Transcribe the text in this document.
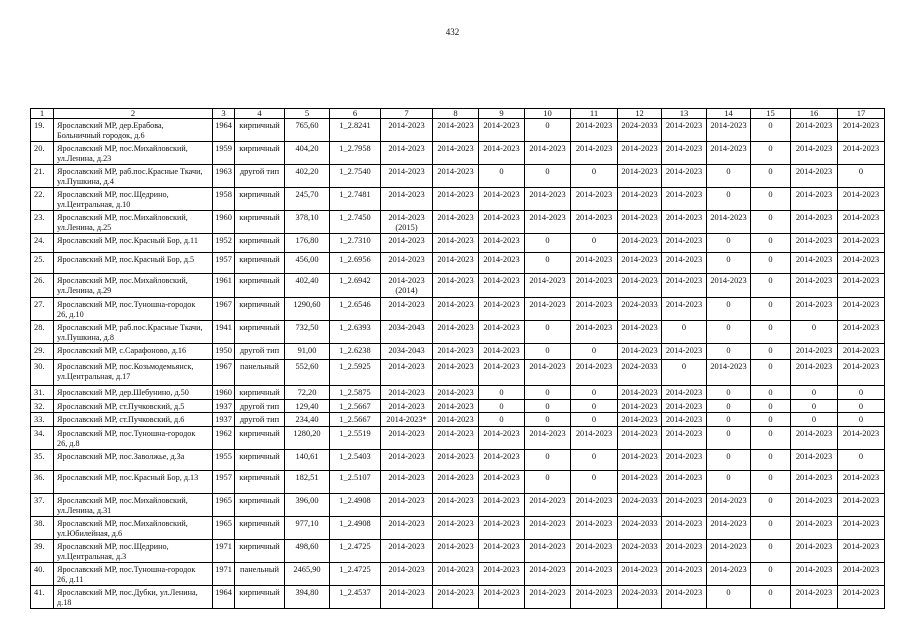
432
1	2	3	4	5	6	7	8	9	10	11	12	13	14	15	16	17
19.	Ярославский МР, дер.Ерабова,
Больничный городок, д.6	1964	кирпичный	765,60	1_2.8241	2014-2023	2014-2023	2014-2023	0	2014-2023	2024-2033	2014-2023	2014-2023	0	2014-2023	2014-2023
20.	Ярославский МР, пос.Михайловский,
ул.Ленина, д.23	1959	кирпичный	404,20	1_2.7958	2014-2023	2014-2023	2014-2023	2014-2023	2014-2023	2014-2023	2014-2023	2014-2023	0	2014-2023	2014-2023
21.	Ярославский МР, раб.пос.Красные Ткачи,
ул.Пушкина, д.4	1963	другой тип	402,20	1_2.7540	2014-2023	2014-2023	0	0	0	2014-2023	2014-2023	0	0	2014-2023	0
22.	Ярославский МР, пос.Щедрино,
ул.Центральная, д.10	1958	кирпичный	245,70	1_2.7481	2014-2023	2014-2023	2014-2023	2014-2023	2014-2023	2014-2023	2014-2023	0	0	2014-2023	2014-2023
23.	Ярославский МР, пос.Михайловский,
ул.Ленина, д.25	1960	кирпичный	378,10	1_2.7450	2014-2023
(2015)	2014-2023	2014-2023	2014-2023	2014-2023	2014-2023	2014-2023	2014-2023	0	2014-2023	2014-2023
24.	Ярославский МР, пос.Красный Бор, д.11	1952	кирпичный	176,80	1_2.7310	2014-2023	2014-2023	2014-2023	0	0	2014-2023	2014-2023	0	0	2014-2023	2014-2023
25.	Ярославский МР, пос.Красный Бор, д.5	1957	кирпичный	456,00	1_2.6956	2014-2023	2014-2023	2014-2023	0	2014-2023	2014-2023	2014-2023	0	0	2014-2023	2014-2023
26.	Ярославский МР, пос.Михайловский,
ул.Ленина, д.29	1961	кирпичный	402,40	1_2.6942	2014-2023
(2014)	2014-2023	2014-2023	2014-2023	2014-2023	2014-2023	2014-2023	2014-2023	0	2014-2023	2014-2023
27.	Ярославский МР, пос.Туношна-городок
26, д.10	1967	кирпичный	1290,60	1_2.6546	2014-2023	2014-2023	2014-2023	2014-2023	2014-2023	2024-2033	2014-2023	0	0	2014-2023	2014-2023
28.	Ярославский МР, раб.пос.Красные Ткачи,
ул.Пушкина, д.8	1941	кирпичный	732,50	1_2.6393	2034-2043	2014-2023	2014-2023	0	2014-2023	2014-2023	0	0	0	0	2014-2023
29.	Ярославский МР, с.Сарафоново, д.16	1950	другой тип	91,00	1_2.6238	2034-2043	2014-2023	2014-2023	0	0	2014-2023	2014-2023	0	0	2014-2023	2014-2023
30.	Ярославский МР, пос.Козьмодемьянск,
ул.Центральная, д.17	1967	панельный	552,60	1_2.5925	2014-2023	2014-2023	2014-2023	2014-2023	2014-2023	2024-2033	0	2014-2023	0	2014-2023	2014-2023
31.	Ярославский МР, дер.Шебунино, д.50	1960	кирпичный	72,20	1_2.5875	2014-2023	2014-2023	0	0	0	2014-2023	2014-2023	0	0	0	0
32.	Ярославский МР, ст.Пучковский, д.5	1937	другой тип	129,40	1_2.5667	2014-2023	2014-2023	0	0	0	2014-2023	2014-2023	0	0	0	0
33.	Ярославский МР, ст.Пучковский, д.6	1937	другой тип	234,40	1_2.5667	2014-2023*	2014-2023	0	0	0	2014-2023	2014-2023	0	0	0	0
34.	Ярославский МР, пос.Туношна-городок
26, д.8	1962	кирпичный	1280,20	1_2.5519	2014-2023	2014-2023	2014-2023	2014-2023	2014-2023	2014-2023	2014-2023	0	0	2014-2023	2014-2023
35.	Ярославский МР, пос.Заволжье, д.3а	1955	кирпичный	140,61	1_2.5403	2014-2023	2014-2023	2014-2023	0	0	2014-2023	2014-2023	0	0	2014-2023	0
36.	Ярославский МР, пос.Красный Бор, д.13	1957	кирпичный	182,51	1_2.5107	2014-2023	2014-2023	2014-2023	0	0	2014-2023	2014-2023	0	0	2014-2023	2014-2023
37.	Ярославский МР, пос.Михайловский,
ул.Ленина, д.31	1965	кирпичный	396,00	1_2.4908	2014-2023	2014-2023	2014-2023	2014-2023	2014-2023	2024-2033	2014-2023	2014-2023	0	2014-2023	2014-2023
38.	Ярославский МР, пос.Михайловский,
ул.Юбилейная, д.6	1965	кирпичный	977,10	1_2.4908	2014-2023	2014-2023	2014-2023	2014-2023	2014-2023	2024-2033	2014-2023	2014-2023	0	2014-2023	2014-2023
39.	Ярославский МР, пос.Щедрино,
ул.Центральная, д.3	1971	кирпичный	498,60	1_2.4725	2014-2023	2014-2023	2014-2023	2014-2023	2014-2023	2024-2033	2014-2023	2014-2023	0	2014-2023	2014-2023
40.	Ярославский МР, пос.Туношна-городок
26, д.11	1971	панельный	2465,90	1_2.4725	2014-2023	2014-2023	2014-2023	2014-2023	2014-2023	2014-2023	2014-2023	2014-2023	0	2014-2023	2014-2023
41.	Ярославский МР, пос.Дубки, ул.Ленина,
д.18	1964	кирпичный	394,80	1_2.4537	2014-2023	2014-2023	2014-2023	2014-2023	2014-2023	2024-2033	2014-2023	0	0	2014-2023	2014-2023
